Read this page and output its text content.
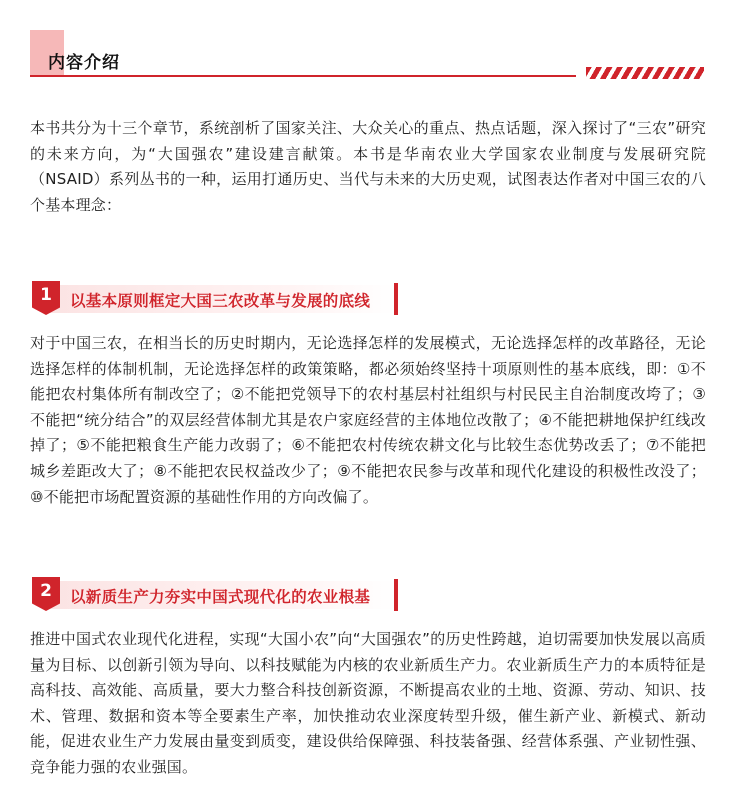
内容介绍

本书共分为十三个章节，系统剖析了国家关注、大众关心的重点、热点话题，深入探讨了“三农”研究的未来方向，为“大国强农”建设建言献策。本书是华南农业大学国家农业制度与发展研究院（NSAID）系列丛书的一种，运用打通历史、当代与未来的大历史观，试图表达作者对中国三农的八个基本理念：

1	以基本原则框定大国三农改革与发展的底线

对于中国三农，在相当长的历史时期内，无论选择怎样的发展模式，无论选择怎样的改革路径，无论选择怎样的体制机制，无论选择怎样的政策策略，都必须始终坚持十项原则性的基本底线，即：①不能把农村集体所有制改空了；②不能把党领导下的农村基层村社组织与村民民主自治制度改垮了；③不能把“统分结合”的双层经营体制尤其是农户家庭经营的主体地位改散了；④不能把耕地保护红线改掉了；⑤不能把粮食生产能力改弱了；⑥不能把农村传统农耕文化与比较生态优势改丢了；⑦不能把城乡差距改大了；⑧不能把农民权益改少了；⑨不能把农民参与改革和现代化建设的积极性改没了；⑩不能把市场配置资源的基础性作用的方向改偏了。

2	以新质生产力夯实中国式现代化的农业根基

推进中国式农业现代化进程，实现“大国小农”向“大国强农”的历史性跨越，迫切需要加快发展以高质量为目标、以创新引领为导向、以科技赋能为内核的农业新质生产力。农业新质生产力的本质特征是高科技、高效能、高质量，要大力整合科技创新资源，不断提高农业的土地、资源、劳动、知识、技术、管理、数据和资本等全要素生产率，加快推动农业深度转型升级，催生新产业、新模式、新动能，促进农业生产力发展由量变到质变，建设供给保障强、科技装备强、经营体系强、产业韧性强、竞争能力强的农业强国。
